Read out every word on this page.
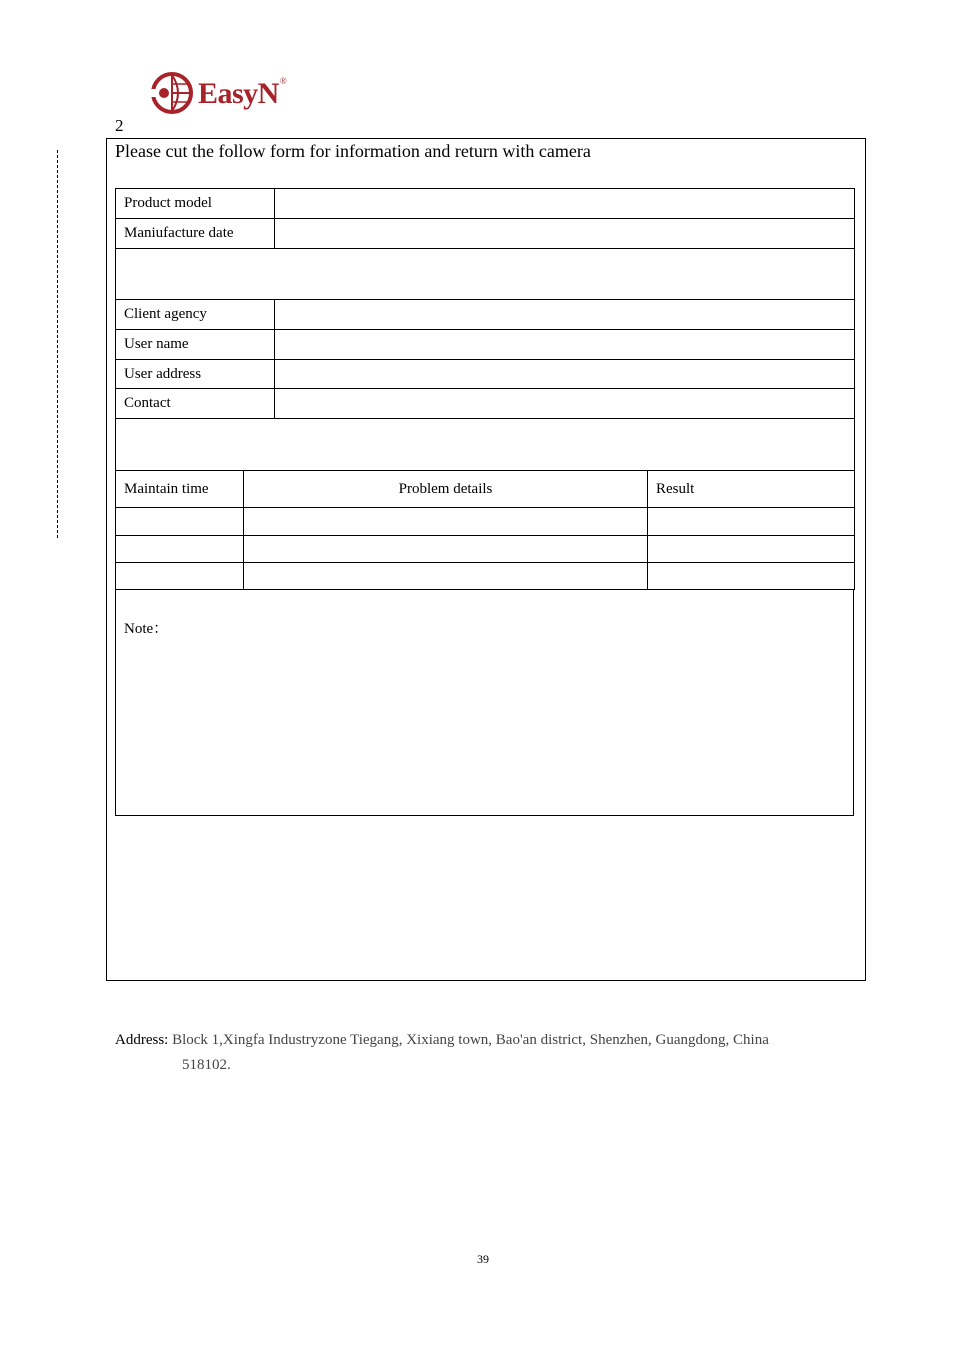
EasyN ®
2
Please cut the follow form for information and return with camera
Product model	
Maniufacture date	

Client agency	
User name	
User address	
Contact	

Maintain time	Problem details	Result

Note：
Address: Block 1,Xingfa Industryzone Tiegang, Xixiang town, Bao'an district, Shenzhen, Guangdong, China
518102.
39
